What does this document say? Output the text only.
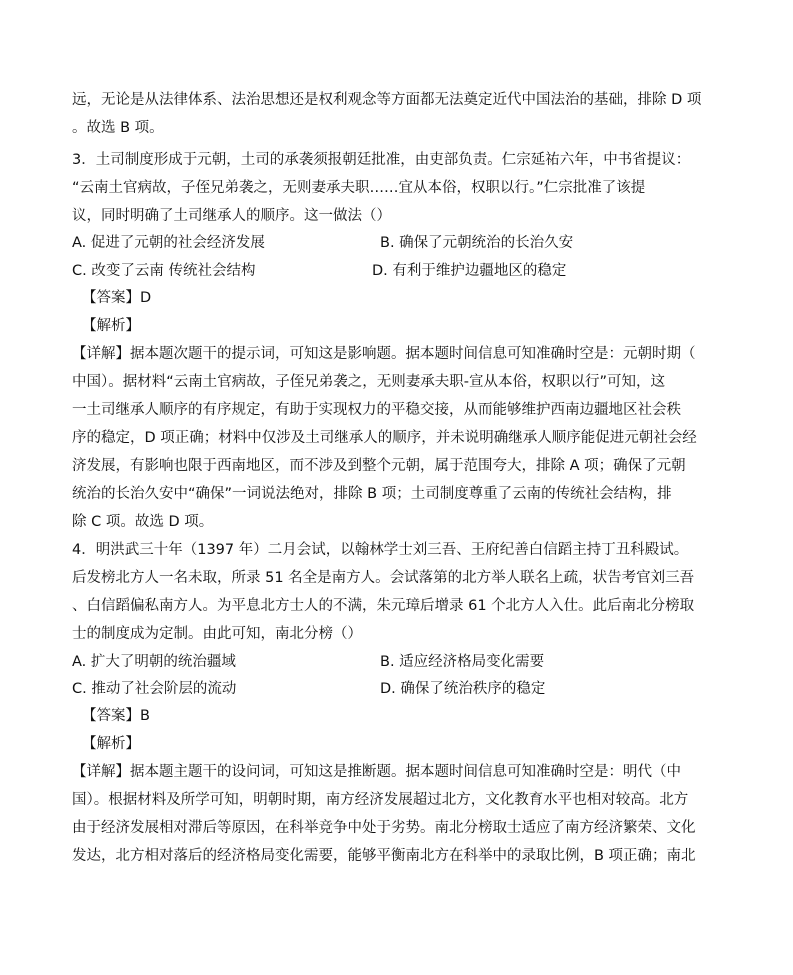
远，无论是从法律体系、法治思想还是权利观念等方面都无法奠定近代中国法治的基础，排除 D 项
。故选 B 项。
3．土司制度形成于元朝，土司的承袭须报朝廷批准，由吏部负责。仁宗延祐六年，中书省提议：
“云南土官病故，子侄兄弟袭之，无则妻承夫职……宜从本俗，权职以行。”仁宗批准了该提
议，同时明确了土司继承人的顺序。这一做法（）
A. 促进了元朝的社会经济发展	B. 确保了元朝统治的长治久安
C. 改变了云南 传统社会结构	D. 有利于维护边疆地区的稳定
【答案】D
【解析】
【详解】据本题次题干的提示词，可知这是影响题。据本题时间信息可知准确时空是：元朝时期（
中国）。据材料“云南土官病故，子侄兄弟袭之，无则妻承夫职-宣从本俗，权职以行”可知，这
一土司继承人顺序的有序规定，有助于实现权力的平稳交接，从而能够维护西南边疆地区社会秩
序的稳定，D 项正确；材料中仅涉及土司继承人的顺序，并未说明确继承人顺序能促进元朝社会经
济发展，有影响也限于西南地区，而不涉及到整个元朝，属于范围夸大，排除 A 项；确保了元朝
统治的长治久安中“确保”一词说法绝对，排除 B 项；土司制度尊重了云南的传统社会结构，排
除 C 项。故选 D 项。
4．明洪武三十年（1397 年）二月会试，以翰林学士刘三吾、王府纪善白信蹈主持丁丑科殿试。
后发榜北方人一名未取，所录 51 名全是南方人。会试落第的北方举人联名上疏，状告考官刘三吾
、白信蹈偏私南方人。为平息北方士人的不满，朱元璋后增录 61 个北方人入仕。此后南北分榜取
士的制度成为定制。由此可知，南北分榜（）
A. 扩大了明朝的统治疆域	B. 适应经济格局变化需要
C. 推动了社会阶层的流动	D. 确保了统治秩序的稳定
【答案】B
【解析】
【详解】据本题主题干的设问词，可知这是推断题。据本题时间信息可知准确时空是：明代（中
国）。根据材料及所学可知，明朝时期，南方经济发展超过北方，文化教育水平也相对较高。北方
由于经济发展相对滞后等原因，在科举竞争中处于劣势。南北分榜取士适应了南方经济繁荣、文化
发达，北方相对落后的经济格局变化需要，能够平衡南北方在科举中的录取比例，B 项正确；南北
